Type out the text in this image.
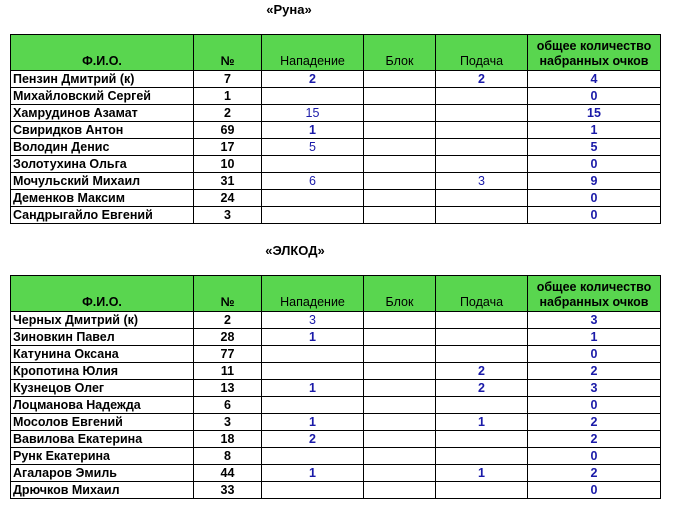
«Руна»
Ф.И.О.	№	Нападение	Блок	Подача	общее количество набранных очков
Пензин Дмитрий (к)	7	2		2	4
Михайловский Сергей	1				0
Хамрудинов Азамат	2	15			15
Свиридков Антон	69	1			1
Володин Денис	17	5			5
Золотухина Ольга	10				0
Мочульский Михаил	31	6		3	9
Деменков Максим	24				0
Сандрыгайло Евгений	3				0
«ЭЛКОД»
Ф.И.О.	№	Нападение	Блок	Подача	общее количество набранных очков
Черных Дмитрий (к)	2	3			3
Зиновкин Павел	28	1			1
Катунина Оксана	77				0
Кропотина Юлия	11			2	2
Кузнецов Олег	13	1		2	3
Лоцманова Надежда	6				0
Мосолов Евгений	3	1		1	2
Вавилова Екатерина	18	2			2
Рунк Екатерина	8				0
Агаларов Эмиль	44	1		1	2
Дрючков Михаил	33				0
